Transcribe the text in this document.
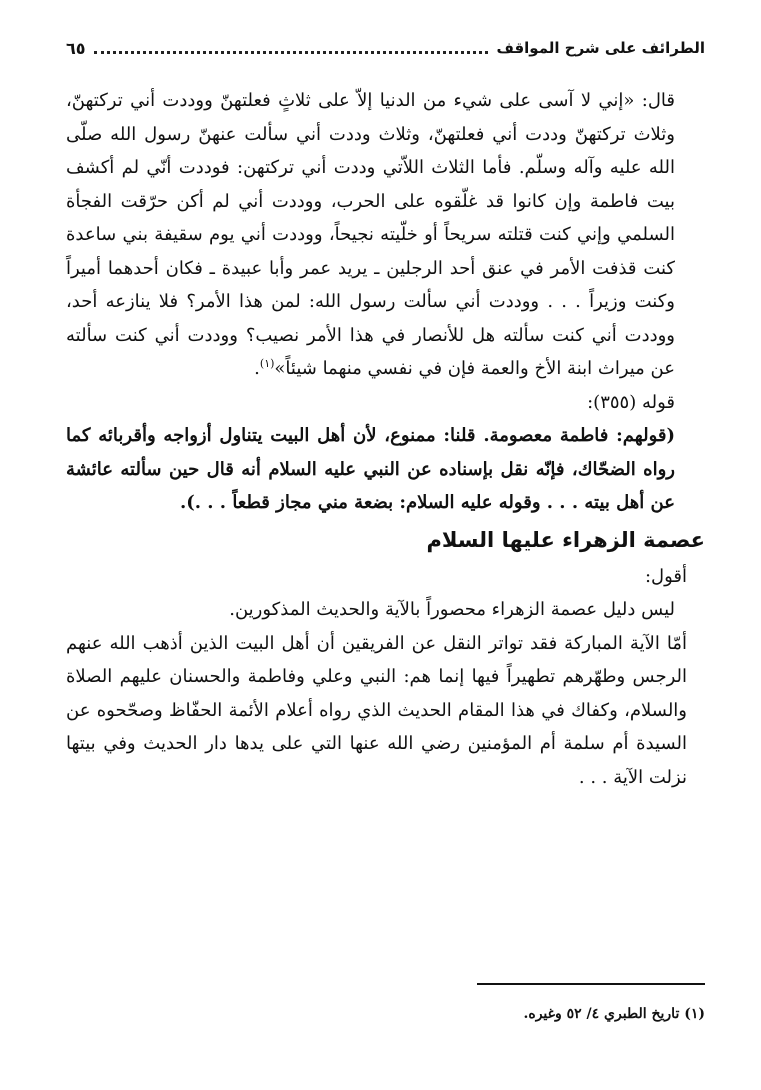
الطرائف على شرح المواقف
٦٥

قال: «إني لا آسى على شيء من الدنيا إلاّ على ثلاثٍ فعلتهنّ ووددت أني تركتهنّ، وثلاث تركتهنّ وددت أني فعلتهنّ، وثلاث وددت أني سألت عنهنّ رسول الله صلّى الله عليه وآله وسلّم. فأما الثلاث اللاّتي وددت أني تركتهن: فوددت أنّي لم أكشف بيت فاطمة وإن كانوا قد غلّقوه على الحرب، ووددت أني لم أكن حرّقت الفجأة السلمي وإني كنت قتلته سريحاً أو خلّيته نجيحاً، ووددت أني يوم سقيفة بني ساعدة كنت قذفت الأمر في عنق أحد الرجلين ـ يريد عمر وأبا عبيدة ـ فكان أحدهما أميراً وكنت وزيراً . . . ووددت أني سألت رسول الله: لمن هذا الأمر؟ فلا ينازعه أحد، ووددت أني كنت سألته هل للأنصار في هذا الأمر نصيب؟ ووددت أني كنت سألته عن ميراث ابنة الأخ والعمة فإن في نفسي منهما شيئاً»$^{(١)}$.

قوله (٣٥٥):

(قولهم: فاطمة معصومة. قلنا: ممنوع، لأن أهل البيت يتناول أزواجه وأقربائه كما رواه الضحّاك، فإنّه نقل بإسناده عن النبي عليه السلام أنه قال حين سألته عائشة عن أهل بيته . . . وقوله عليه السلام: بضعة مني مجاز قطعاً . . .).

عصمة الزهراء عليها السلام

أقول:

ليس دليل عصمة الزهراء محصوراً بالآية والحديث المذكورين.

أمّا الآية المباركة فقد تواتر النقل عن الفريقين أن أهل البيت الذين أذهب الله عنهم الرجس وطهّرهم تطهيراً فيها إنما هم: النبي وعلي وفاطمة والحسنان عليهم الصلاة والسلام، وكفاك في هذا المقام الحديث الذي رواه أعلام الأئمة الحفّاظ وصحّحوه عن السيدة أم سلمة أم المؤمنين رضي الله عنها التي على يدها دار الحديث وفي بيتها نزلت الآية . . .

(١) تاريخ الطبري ٤/ ٥٢ وغيره.
